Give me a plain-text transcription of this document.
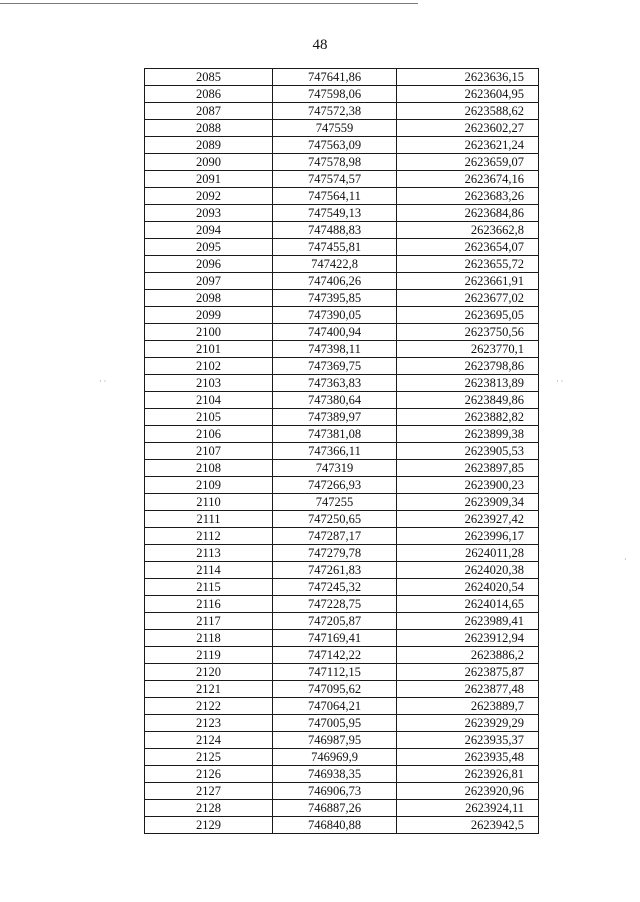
48
2085	747641,86	2623636,15
2086	747598,06	2623604,95
2087	747572,38	2623588,62
2088	747559	2623602,27
2089	747563,09	2623621,24
2090	747578,98	2623659,07
2091	747574,57	2623674,16
2092	747564,11	2623683,26
2093	747549,13	2623684,86
2094	747488,83	2623662,8
2095	747455,81	2623654,07
2096	747422,8	2623655,72
2097	747406,26	2623661,91
2098	747395,85	2623677,02
2099	747390,05	2623695,05
2100	747400,94	2623750,56
2101	747398,11	2623770,1
2102	747369,75	2623798,86
2103	747363,83	2623813,89
2104	747380,64	2623849,86
2105	747389,97	2623882,82
2106	747381,08	2623899,38
2107	747366,11	2623905,53
2108	747319	2623897,85
2109	747266,93	2623900,23
2110	747255	2623909,34
2111	747250,65	2623927,42
2112	747287,17	2623996,17
2113	747279,78	2624011,28
2114	747261,83	2624020,38
2115	747245,32	2624020,54
2116	747228,75	2624014,65
2117	747205,87	2623989,41
2118	747169,41	2623912,94
2119	747142,22	2623886,2
2120	747112,15	2623875,87
2121	747095,62	2623877,48
2122	747064,21	2623889,7
2123	747005,95	2623929,29
2124	746987,95	2623935,37
2125	746969,9	2623935,48
2126	746938,35	2623926,81
2127	746906,73	2623920,96
2128	746887,26	2623924,11
2129	746840,88	2623942,5
· ·	· ·
·
